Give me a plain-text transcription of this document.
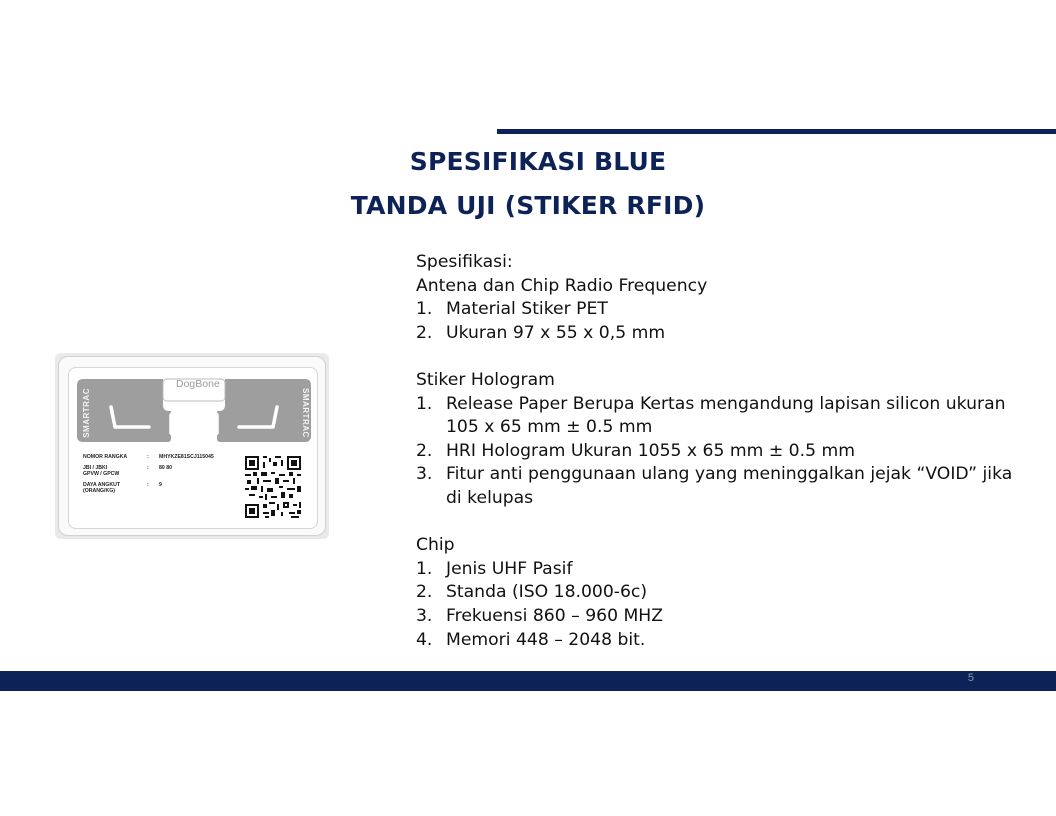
SPESIFIKASI BLUE
TANDA UJI (STIKER RFID)
SMARTRAC	SMARTRAC
DogBone
NOMOR RANGKA	:	MHYKZE81SCJ115045
JBI / JBKI
GPVW / GPCW
:	80 80
DAYA ANGKUT
(ORANG/KG)
:	9
Spesifikasi:
Antena dan Chip Radio Frequency
1. Material Stiker PET
2. Ukuran 97 x 55 x 0,5 mm
Stiker Hologram
1. Release Paper Berupa Kertas mengandung lapisan silicon ukuran 105 x 65 mm ± 0.5 mm
2. HRI Hologram Ukuran 1055 x 65 mm ± 0.5 mm
3. Fitur anti penggunaan ulang yang meninggalkan jejak “VOID” jika di kelupas
Chip
1. Jenis UHF Pasif
2. Standa (ISO 18.000-6c)
3. Frekuensi 860 – 960 MHZ
4. Memori 448 – 2048 bit.
5
